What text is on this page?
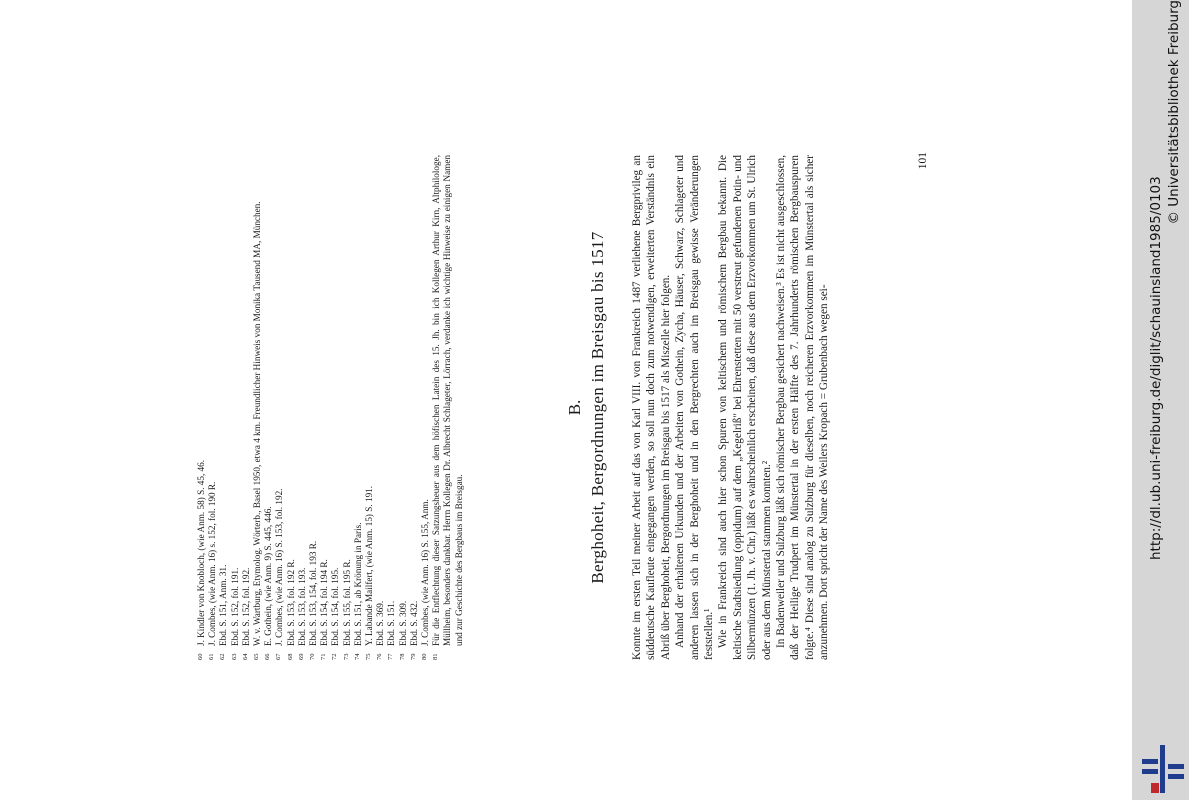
60
J. Kindler von Knobloch, (wie Anm. 58) S. 45, 46.
61
J. Combes, (wie Anm. 16) s. 152, fol. 190 R.
62
Ebd. S. 151, Anm. 31.
63
Ebd. S. 152, fol. 191.
64
Ebd. S. 152, fol. 192.
65
W. v. Wartburg, Etymolog. Wörterb., Basel 1950, etwa 4 km. Freundlicher Hinweis von Monika Tausend MA, München.
66
E. Gothein, (wie Anm. 9) S. 445, 446.
67
J. Combes, (wie Anm. 16) S. 153, fol. 192.
68
Ebd. S. 153, fol. 192 R.
69
Ebd. S. 153, fol. 193.
70
Ebd. S. 153, 154, fol. 193 R.
71
Ebd. S. 154, fol. 194 R.
72
Ebd. S. 154, fol. 195.
73
Ebd. S. 155, fol. 195 R.
74
Ebd. S. 151, ab Krönung in Paris.
75
Y. Labande Mailfert, (wie Anm. 15) S. 191.
76
Ebd. S. 369.
77
Ebd. S. 151.
78
Ebd. S. 309.
79
Ebd. S. 432.
80
J. Combes, (wie Anm. 16) S. 155, Anm.
81
Für die Entflechtung dieser Satzungsheuer aus dem höfischen Latein des 15. Jh. bin ich Kollegen Arthur Kirn, Altphilologe, Müllheim, besonders dankbar. Herrn Kollegen Dr. Albrecht Schlageter, Lörrach, verdanke ich wichtige Hinweise zu einigen Namen und zur Geschichte des Bergbaus im Breisgau.
B. Berghoheit, Bergordnungen im Breisgau bis 1517 Konnte im ersten Teil meiner Arbeit auf das von Karl VIII. von Frankreich 1487 verliehene Bergprivileg an süddeutsche Kaufleute eingegangen werden, so soll nun doch zum notwendigen, erweiterten Verständnis ein Abriß über Berghoheit, Bergordnungen im Breisgau bis 1517 als Miszelle hier folgen. Anhand der erhaltenen Urkunden und der Arbeiten von Gothein, Zycha, Häuser, Schwarz, Schlageter und anderen lassen sich in der Berghoheit und in den Bergrechten auch im Breisgau gewisse Veränderungen feststellen.¹ Wie in Frankreich sind auch hier schon Spuren von keltischem und römischem Bergbau bekannt. Die keltische Stadtsiedlung (oppidum) auf dem „Kegelriß" bei Ehrenstetten mit 50 verstreut gefundenen Potin- und Silbermünzen (1. Jh. v. Chr.) läßt es wahrscheinlich erscheinen, daß diese aus dem Erzvorkommen um St. Ulrich oder aus dem Münstertal stammen konnten.² In Badenweiler und Sulzburg läßt sich römischer Bergbau gesichert nachweisen.³ Es ist nicht ausgeschlossen, daß der Heilige Trudpert im Münstertal in der ersten Hälfte des 7. Jahrhunderts römischen Bergbauspuren folgte.⁴ Diese sind analog zu Sulzburg für dieselben, noch reicheren Erzvorkommen im Münstertal als sicher anzunehmen. Dort spricht der Name des Weilers Kropach = Grubenbach wegen sei-

101
http://dl.ub.uni-freiburg.de/diglit/schauinsland1985/0103
© Universitätsbibliothek Freiburg
